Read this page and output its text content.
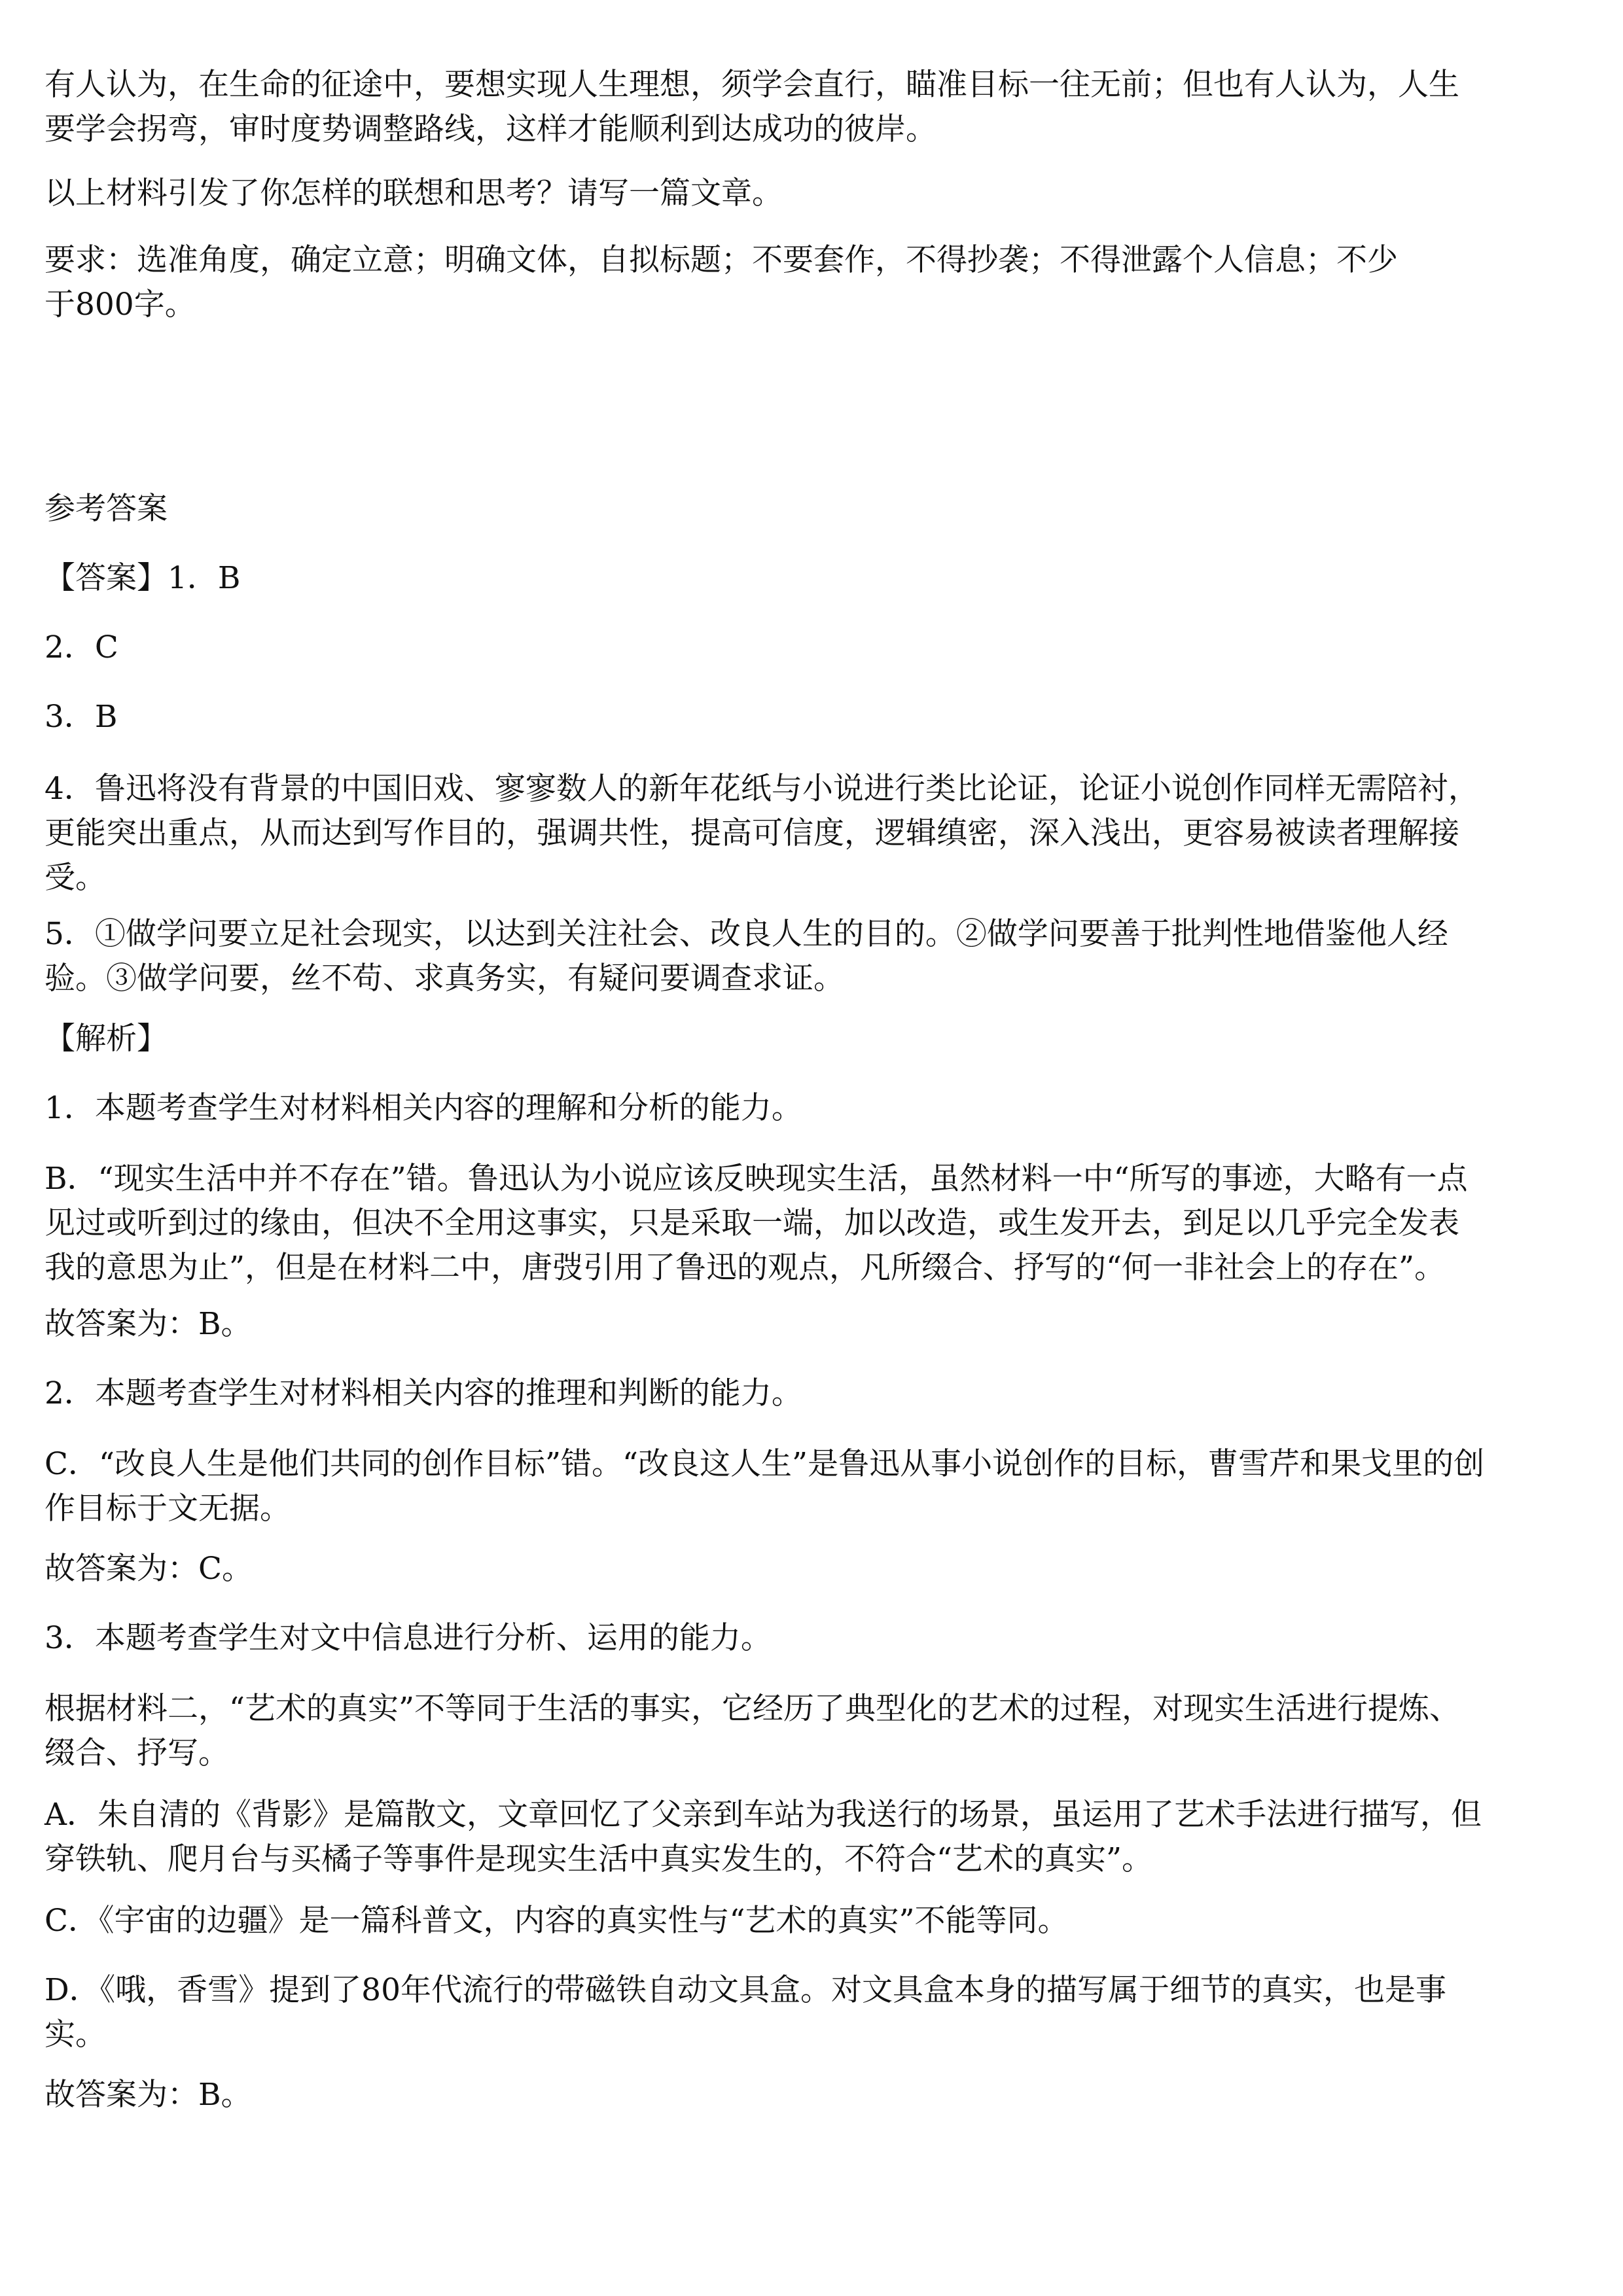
有人认为，在生命的征途中，要想实现人生理想，须学会直行，瞄准目标一往无前；但也有人认为，人生
要学会拐弯，审时度势调整路线，这样才能顺利到达成功的彼岸。

以上材料引发了你怎样的联想和思考？请写一篇文章。

要求：选准角度，确定立意；明确文体，自拟标题；不要套作，不得抄袭；不得泄露个人信息；不少
于800字。

参考答案

【答案】1．B

2．C

3．B

4．鲁迅将没有背景的中国旧戏、寥寥数人的新年花纸与小说进行类比论证，论证小说创作同样无需陪衬，
更能突出重点，从而达到写作目的，强调共性，提高可信度，逻辑缜密，深入浅出，更容易被读者理解接
受。

5．①做学问要立足社会现实，以达到关注社会、改良人生的目的。②做学问要善于批判性地借鉴他人经
验。③做学问要，丝不苟、求真务实，有疑问要调查求证。

【解析】

1．本题考查学生对材料相关内容的理解和分析的能力。

B．“现实生活中并不存在”错。鲁迅认为小说应该反映现实生活，虽然材料一中“所写的事迹，大略有一点
见过或听到过的缘由，但决不全用这事实，只是采取一端，加以改造，或生发开去，到足以几乎完全发表
我的意思为止”，但是在材料二中，唐弢引用了鲁迅的观点，凡所缀合、抒写的“何一非社会上的存在”。

故答案为：B。

2．本题考查学生对材料相关内容的推理和判断的能力。

C．“改良人生是他们共同的创作目标”错。“改良这人生”是鲁迅从事小说创作的目标，曹雪芹和果戈里的创
作目标于文无据。

故答案为：C。

3．本题考查学生对文中信息进行分析、运用的能力。

根据材料二，“艺术的真实”不等同于生活的事实，它经历了典型化的艺术的过程，对现实生活进行提炼、
缀合、抒写。

A．朱自清的《背影》是篇散文，文章回忆了父亲到车站为我送行的场景，虽运用了艺术手法进行描写，但
穿铁轨、爬月台与买橘子等事件是现实生活中真实发生的，不符合“艺术的真实”。

C．《宇宙的边疆》是一篇科普文，内容的真实性与“艺术的真实”不能等同。

D．《哦，香雪》提到了80年代流行的带磁铁自动文具盒。对文具盒本身的描写属于细节的真实，也是事
实。

故答案为：B。
